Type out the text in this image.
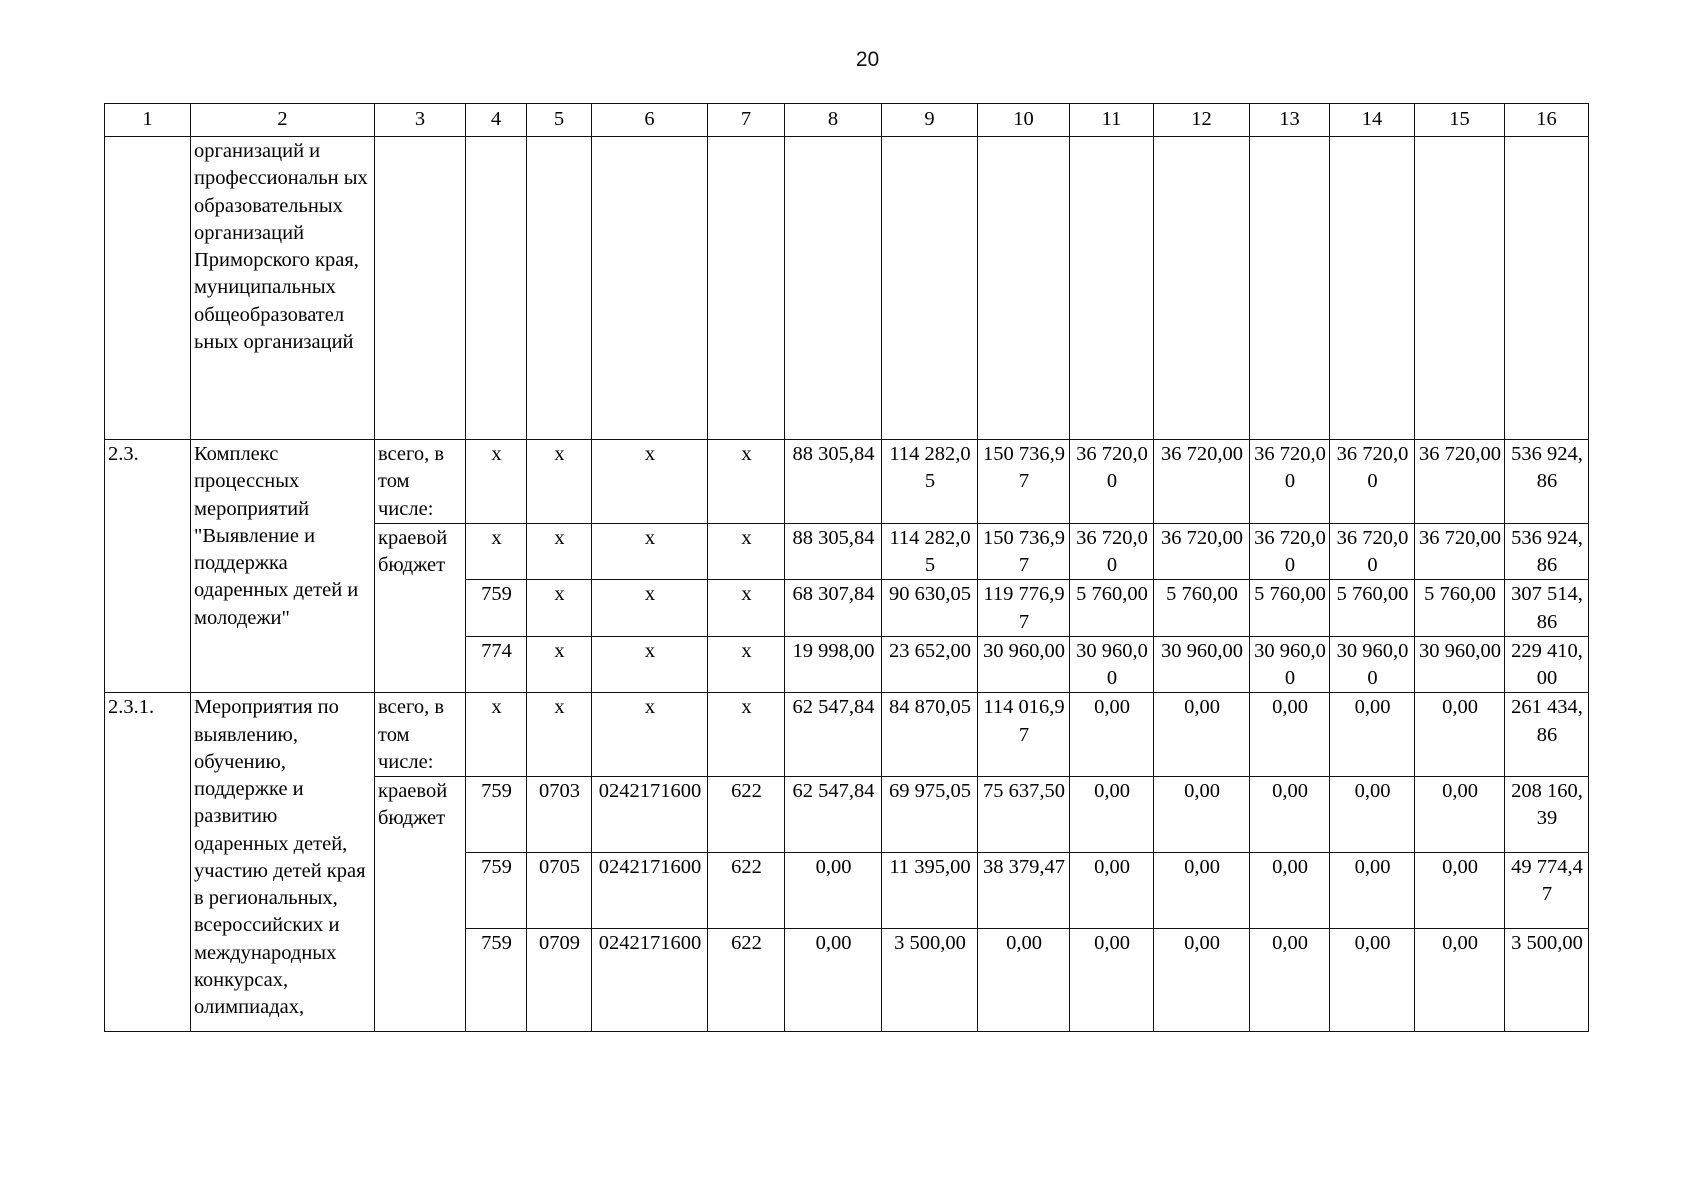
20
1	2	3	4	5	6	7	8	9	10	11	12	13	14	15	16
	организаций и профессиональн ых образовательных организаций Приморского края, муниципальных общеобразовател ьных организаций														
2.3.	Комплекс процессных мероприятий "Выявление и поддержка одаренных детей и молодежи"	всего, в том числе:	x	x	x	x	88 305,84	114 282,05	150 736,97	36 720,00	36 720,00	36 720,00	36 720,00	36 720,00	536 924,86
		краевой бюджет	x	x	x	x	88 305,84	114 282,05	150 736,97	36 720,00	36 720,00	36 720,00	36 720,00	36 720,00	536 924,86
			759	x	x	x	68 307,84	90 630,05	119 776,97	5 760,00	5 760,00	5 760,00	5 760,00	5 760,00	307 514,86
			774	x	x	x	19 998,00	23 652,00	30 960,00	30 960,00	30 960,00	30 960,00	30 960,00	30 960,00	229 410,00
2.3.1.	Мероприятия по выявлению, обучению, поддержке и развитию одаренных детей, участию детей края в региональных, всероссийских и международных конкурсах, олимпиадах,	всего, в том числе:	x	x	x	x	62 547,84	84 870,05	114 016,97	0,00	0,00	0,00	0,00	0,00	261 434,86
		краевой бюджет	759	0703	0242171600	622	62 547,84	69 975,05	75 637,50	0,00	0,00	0,00	0,00	0,00	208 160,39
			759	0705	0242171600	622	0,00	11 395,00	38 379,47	0,00	0,00	0,00	0,00	0,00	49 774,47
			759	0709	0242171600	622	0,00	3 500,00	0,00	0,00	0,00	0,00	0,00	0,00	3 500,00
